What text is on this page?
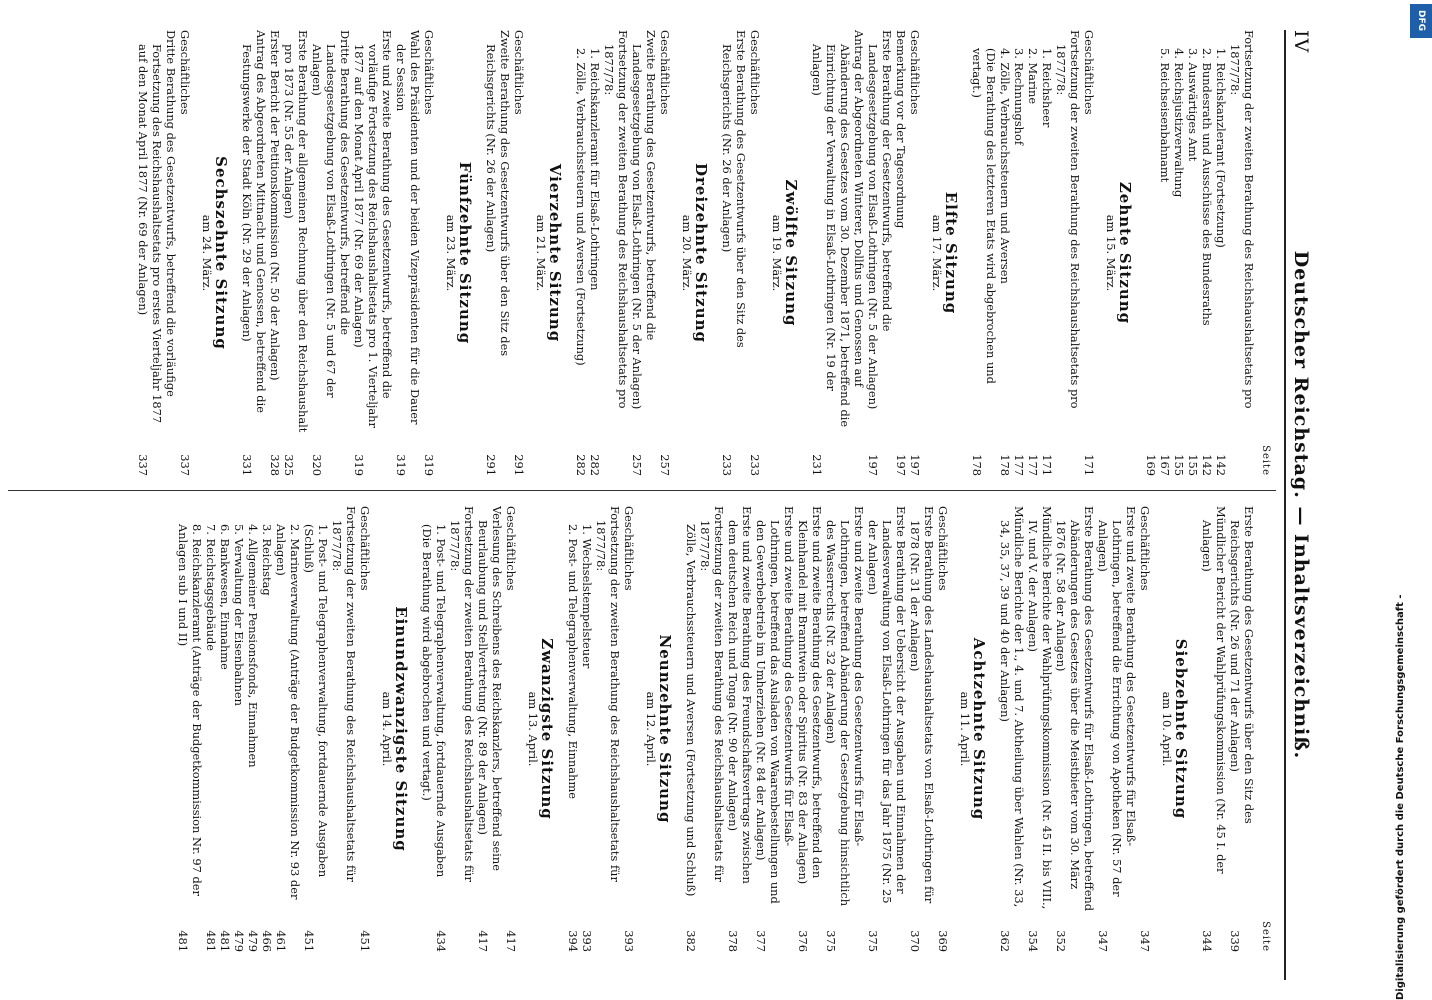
IV
Deutscher Reichstag. — Inhaltsverzeichniß.
Seite
Fortsetzung der zweiten Berathung des Reichshaushaltsetats pro 1877/78:
1. Reichskanzleramt (Fortsetzung)
142
2. Bundesrath und Ausschüsse des Bundesraths
142
3. Auswärtiges Amt
155
4. Reichsjustizverwaltung
155
5. Reichseisenbahnamt
167
169
Zehnte Sitzung
am 15. März.
Geschäftliches
171
Fortsetzung der zweiten Berathung des Reichshaushaltsetats pro 1877/78:
1. Reichsheer
171
2. Marine
177
3. Rechnungshof
177
4. Zölle, Verbrauchssteuern und Aversen
178
(Die Berathung des letzteren Etats wird abgebrochen und vertagt.)
178
Elfte Sitzung
am 17. März.
Geschäftliches
197
Bemerkung vor der Tagesordnung
197
Erste Berathung der Gesetzentwurfs, betreffend die Landesgesetzgebung von Elsaß-Lothringen (Nr. 5 der Anlagen)
197
Antrag der Abgeordneten Winterer, Dollfus und Genossen auf Abänderung des Gesetzes vom 30. Dezember 1871, betreffend die Einrichtung der Verwaltung in Elsaß-Lothringen (Nr. 19 der Anlagen)
231
Zwölfte Sitzung
am 19. März.
Geschäftliches
233
Erste Berathung des Gesetzentwurfs über den Sitz des Reichsgerichts (Nr. 26 der Anlagen)
233
Dreizehnte Sitzung
am 20. März.
Geschäftliches
257
Zweite Berathung des Gesetzentwurfs, betreffend die Landesgesetzgebung von Elsaß-Lothringen (Nr. 5 der Anlagen)
257
Fortsetzung der zweiten Berathung des Reichshaushaltsetats pro 1877/78:
1. Reichskanzleramt für Elsaß-Lothringen
282
2. Zölle, Verbrauchssteuern und Aversen (Fortsetzung)
282
Vierzehnte Sitzung
am 21. März.
Geschäftliches
291
Zweite Berathung des Gesetzentwurfs über den Sitz des Reichsgerichts (Nr. 26 der Anlagen)
291
Fünfzehnte Sitzung
am 23. März.
Geschäftliches
319
Wahl des Präsidenten und der beiden Vizepräsidenten für die Dauer der Session
319
Erste und zweite Berathung des Gesetzentwurfs, betreffend die vorläufige Fortsetzung des Reichshaushaltsetats pro 1. Vierteljahr 1877 auf den Monat April 1877 (Nr. 69 der Anlagen)
319
Dritte Berathung des Gesetzentwurfs, betreffend die Landesgesetzgebung von Elsaß-Lothringen (Nr. 5 und 67 der Anlagen)
320
Erste Berathung der allgemeinen Rechnung über den Reichshaushalt pro 1873 (Nr. 55 der Anlagen)
325
Erster Bericht der Petitionskommission (Nr. 50 der Anlagen)
328
Antrag des Abgeordneten Mittnacht und Genossen, betreffend die Festungswerke der Stadt Köln (Nr. 29 der Anlagen)
331
Sechszehnte Sitzung
am 24. März.
Geschäftliches
337
Dritte Berathung des Gesetzentwurfs, betreffend die vorläufige Fortsetzung des Reichshaushaltsetats pro erstes Vierteljahr 1877 auf den Monat April 1877 (Nr. 69 der Anlagen)
337
Seite
Erste Berathung des Gesetzentwurfs über den Sitz des Reichsgerichts (Nr. 26 und 71 der Anlagen)
339
Mündlicher Bericht der Wahlprüfungskommission (Nr. 45 I. der Anlagen)
344
Siebzehnte Sitzung
am 10. April.
Geschäftliches
347
Erste und zweite Berathung des Gesetzentwurfs für Elsaß-Lothringen, betreffend die Errichtung von Apotheken (Nr. 57 der Anlagen)
347
Erste Berathung des Gesetzentwurfs für Elsaß-Lothringen, betreffend Abänderungen des Gesetzes über die Meistbieter vom 30. März 1876 (Nr. 58 der Anlagen)
352
Mündliche Berichte der Wahlprüfungskommission (Nr. 45 II. bis VIII., IV. und V. der Anlagen)
354
Mündliche Berichte der 1., 4. und 7. Abtheilung über Wahlen (Nr. 33, 34, 35, 37, 39 und 40 der Anlagen)
362
Achtzehnte Sitzung
am 11. April.
Geschäftliches
369
Erste Berathung des Landeshaushaltsetats von Elsaß-Lothringen für 1878 (Nr. 31 der Anlagen)
370
Erste Berathung der Uebersicht der Ausgaben und Einnahmen der Landesverwaltung von Elsaß-Lothringen für das Jahr 1875 (Nr. 25 der Anlagen)
375
Erste und zweite Berathung des Gesetzentwurfs für Elsaß-Lothringen, betreffend Abänderung der Gesetzgebung hinsichtlich des Wasserrechts (Nr. 32 der Anlagen)
375
Erste und zweite Berathung des Gesetzentwurfs, betreffend den Kleinhandel mit Branntwein oder Spiritus (Nr. 83 der Anlagen)
376
Erste und zweite Berathung des Gesetzentwurfs für Elsaß-Lothringen, betreffend das Ausladen von Waarenbestellungen und den Gewerbebetrieb im Umherziehen (Nr. 84 der Anlagen)
377
Erste und zweite Berathung des Freundschaftsvertrags zwischen dem deutschen Reich und Tonga (Nr. 90 der Anlagen)
378
Fortsetzung der zweiten Berathung des Reichshaushaltsetats für 1877/78:
Zölle, Verbrauchssteuern und Aversen (Fortsetzung und Schluß)
382
Neunzehnte Sitzung
am 12. April.
Geschäftliches
393
Fortsetzung der zweiten Berathung des Reichshaushaltsetats für 1877/78:
1. Wechselstempelsteuer
393
2. Post- und Telegraphenverwaltung, Einnahme
394
Zwanzigste Sitzung
am 13. April.
Geschäftliches
417
Verlesung des Schreibens des Reichskanzlers, betreffend seine Beurlaubung und Stellvertretung (Nr. 89 der Anlagen)
417
Fortsetzung der zweiten Berathung des Reichshaushaltsetats für 1877/78:
1. Post- und Telegraphenverwaltung, fortdauernde Ausgaben
434
(Die Berathung wird abgebrochen und vertagt.)
Einundzwanzigste Sitzung
am 14. April.
Geschäftliches
451
Fortsetzung der zweiten Berathung des Reichshaushaltsetats für 1877/78:
1. Post- und Telegraphenverwaltung, fortdauernde Ausgaben (Schluß)
451
2. Marineverwaltung (Anträge der Budgetkommission Nr. 93 der Anlagen)
461
3. Reichstag
466
4. Allgemeiner Pensionsfonds, Einnahmen
479
5. Verwaltung der Eisenbahnen
479
6. Bankwesen, Einnahme
481
7. Reichstagsgebäude
481
8. Reichskanzleramt (Anträge der Budgetkommission Nr. 97 der Anlagen sub I und II)
481	Digitalisierung gefördert durch die Deutsche Forschungsgemeinschaft -
DFG
